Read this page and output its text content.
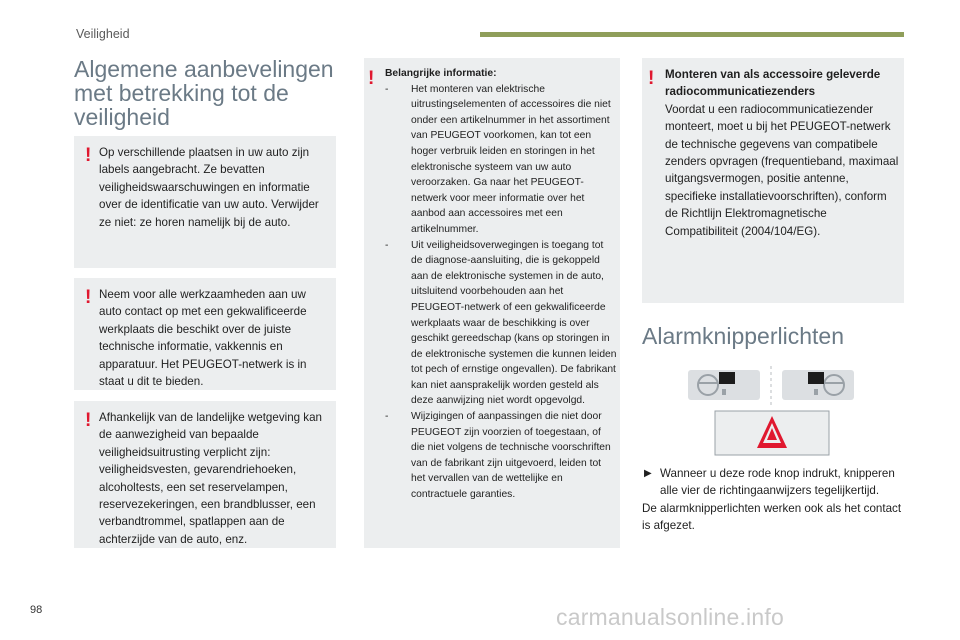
Veiligheid
Algemene aanbevelingen met betrekking tot de veiligheid
! Op verschillende plaatsen in uw auto zijn labels aangebracht. Ze bevatten veiligheidswaarschuwingen en informatie over de identificatie van uw auto. Verwijder ze niet: ze horen namelijk bij de auto.
! Neem voor alle werkzaamheden aan uw auto contact op met een gekwalificeerde werkplaats die beschikt over de juiste technische informatie, vakkennis en apparatuur. Het PEUGEOT-netwerk is in staat u dit te bieden.
! Afhankelijk van de landelijke wetgeving kan de aanwezigheid van bepaalde veiligheidsuitrusting verplicht zijn: veiligheidsvesten, gevarendriehoeken, alcoholtests, een set reservelampen, reservezekeringen, een brandblusser, een verbandtrommel, spatlappen aan de achterzijde van de auto, enz.
! Belangrijke informatie:
- Het monteren van elektrische uitrustingselementen of accessoires die niet onder een artikelnummer in het assortiment van PEUGEOT voorkomen, kan tot een hoger verbruik leiden en storingen in het elektronische systeem van uw auto veroorzaken. Ga naar het PEUGEOT-netwerk voor meer informatie over het aanbod aan accessoires met een artikelnummer.
- Uit veiligheidsoverwegingen is toegang tot de diagnose-aansluiting, die is gekoppeld aan de elektronische systemen in de auto, uitsluitend voorbehouden aan het PEUGEOT-netwerk of een gekwalificeerde werkplaats waar de beschikking is over geschikt gereedschap (kans op storingen in de elektronische systemen die kunnen leiden tot pech of ernstige ongevallen). De fabrikant kan niet aansprakelijk worden gesteld als deze aanwijzing niet wordt opgevolgd.
- Wijzigingen of aanpassingen die niet door PEUGEOT zijn voorzien of toegestaan, of die niet volgens de technische voorschriften van de fabrikant zijn uitgevoerd, leiden tot het vervallen van de wettelijke en contractuele garanties.
! Monteren van als accessoire geleverde radiocommunicatiezenders
Voordat u een radiocommunicatiezender monteert, moet u bij het PEUGEOT-netwerk de technische gegevens van compatibele zenders opvragen (frequentieband, maximaal uitgangsvermogen, positie antenne, specifieke installatievoorschriften), conform de Richtlijn Elektromagnetische Compatibiliteit (2004/104/EG).
Alarmknipperlichten
▶ Wanneer u deze rode knop indrukt, knipperen alle vier de richtingaanwijzers tegelijkertijd.
De alarmknipperlichten werken ook als het contact is afgezet.
98	carmanualsonline.info
